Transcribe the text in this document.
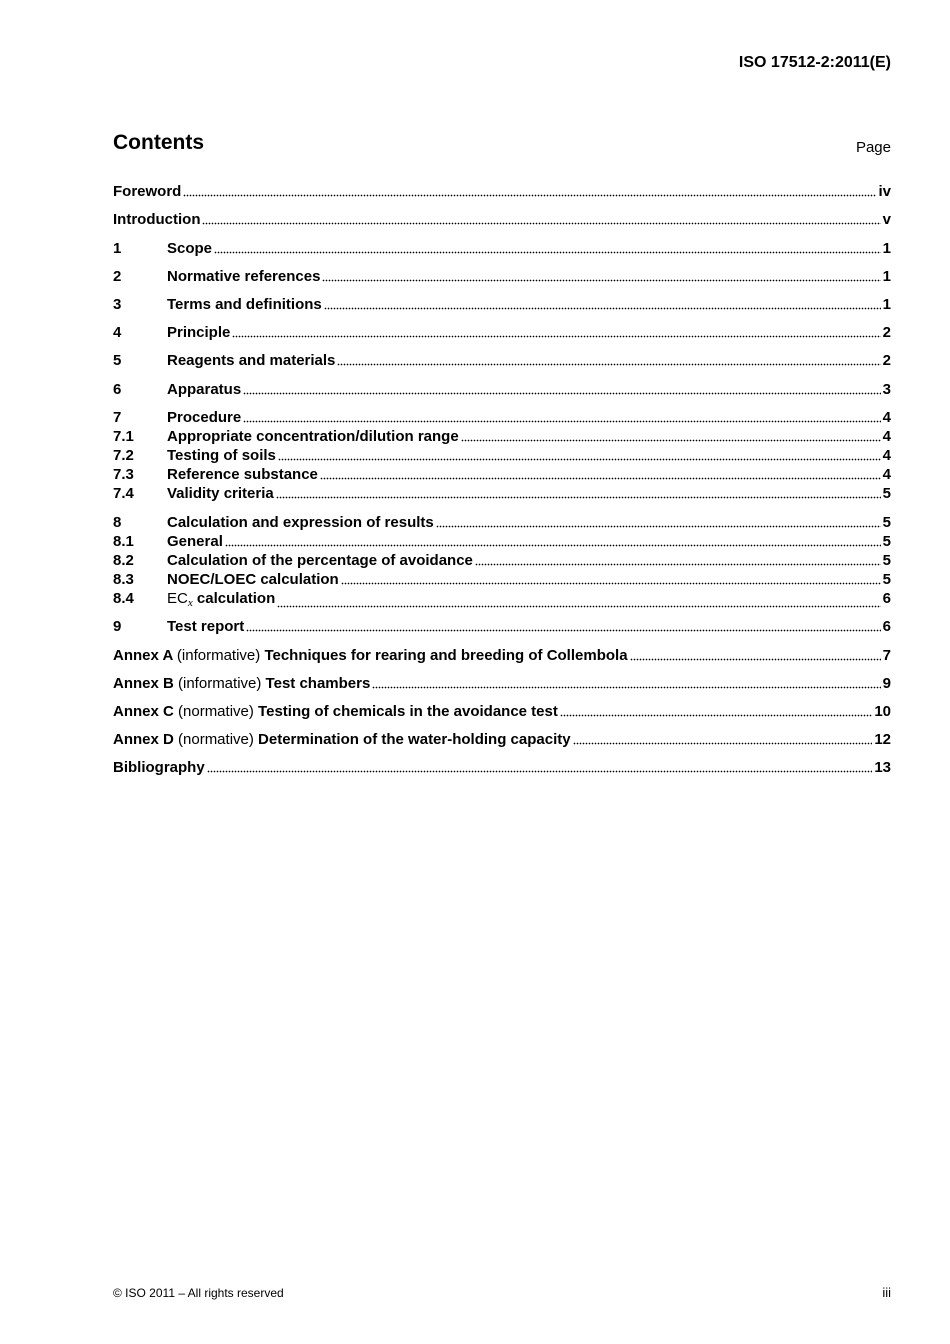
ISO 17512-2:2011(E)
Contents	Page
Foreword	iv
Introduction	v
1	Scope	1
2	Normative references	1
3	Terms and definitions	1
4	Principle	2
5	Reagents and materials	2
6	Apparatus	3
7	Procedure	4
7.1	Appropriate concentration/dilution range	4
7.2	Testing of soils	4
7.3	Reference substance	4
7.4	Validity criteria	5
8	Calculation and expression of results	5
8.1	General	5
8.2	Calculation of the percentage of avoidance	5
8.3	NOEC/LOEC calculation	5
8.4	$EC_x$ calculation	6
9	Test report	6
Annex A (informative) Techniques for rearing and breeding of Collembola	7
Annex B (informative) Test chambers	9
Annex C (normative) Testing of chemicals in the avoidance test	10
Annex D (normative) Determination of the water-holding capacity	12
Bibliography	13
© ISO 2011 – All rights reserved	iii
